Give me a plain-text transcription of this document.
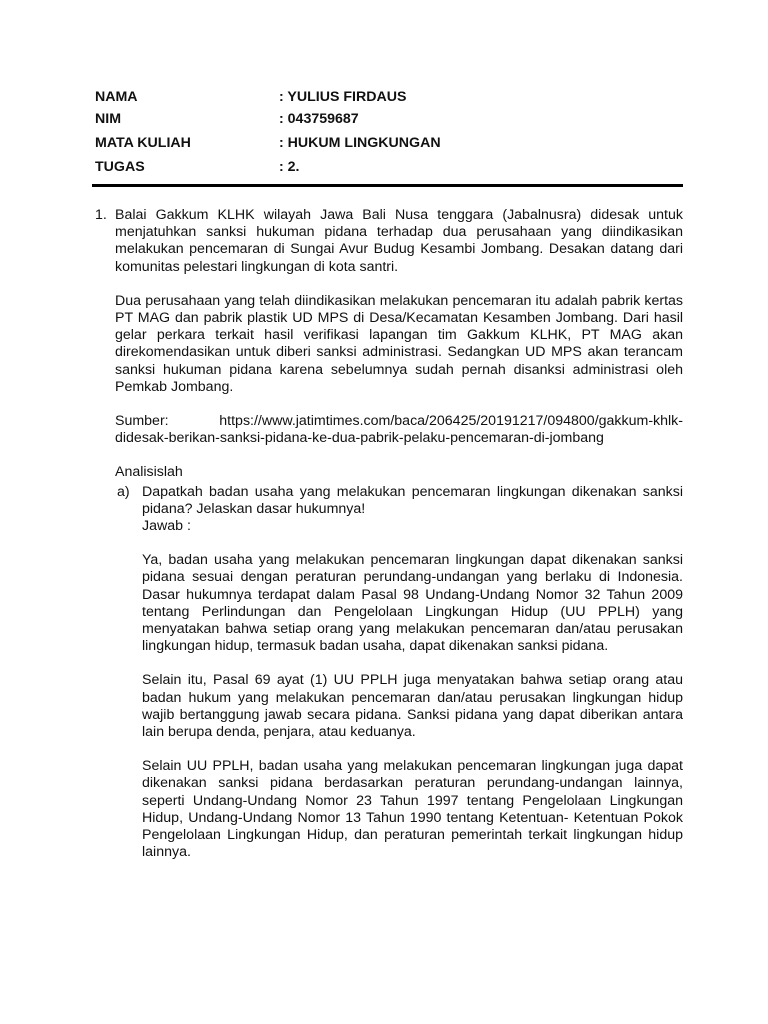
NAMA	: YULIUS FIRDAUS
NIM	: 043759687
MATA KULIAH	: HUKUM LINGKUNGAN
TUGAS	: 2.
1. Balai Gakkum KLHK wilayah Jawa Bali Nusa tenggara (Jabalnusra) didesak untuk menjatuhkan sanksi hukuman pidana terhadap dua perusahaan yang diindikasikan melakukan pencemaran di Sungai Avur Budug Kesambi Jombang. Desakan datang dari komunitas pelestari lingkungan di kota santri.

Dua perusahaan yang telah diindikasikan melakukan pencemaran itu adalah pabrik kertas PT MAG dan pabrik plastik UD MPS di Desa/Kecamatan Kesamben Jombang. Dari hasil gelar perkara terkait hasil verifikasi lapangan tim Gakkum KLHK, PT MAG akan direkomendasikan untuk diberi sanksi administrasi. Sedangkan UD MPS akan terancam sanksi hukuman pidana karena sebelumnya sudah pernah disanksi administrasi oleh Pemkab Jombang.

Sumber:	https://www.jatimtimes.com/baca/206425/20191217/094800/gakkum-khlk-didesak-berikan-sanksi-pidana-ke-dua-pabrik-pelaku-pencemaran-di-jombang

Analisislah
a) Dapatkah badan usaha yang melakukan pencemaran lingkungan dikenakan sanksi pidana? Jelaskan dasar hukumnya!
Jawab :

Ya, badan usaha yang melakukan pencemaran lingkungan dapat dikenakan sanksi pidana sesuai dengan peraturan perundang-undangan yang berlaku di Indonesia. Dasar hukumnya terdapat dalam Pasal 98 Undang-Undang Nomor 32 Tahun 2009 tentang Perlindungan dan Pengelolaan Lingkungan Hidup (UU PPLH) yang menyatakan bahwa setiap orang yang melakukan pencemaran dan/atau perusakan lingkungan hidup, termasuk badan usaha, dapat dikenakan sanksi pidana.

Selain itu, Pasal 69 ayat (1) UU PPLH juga menyatakan bahwa setiap orang atau badan hukum yang melakukan pencemaran dan/atau perusakan lingkungan hidup wajib bertanggung jawab secara pidana. Sanksi pidana yang dapat diberikan antara lain berupa denda, penjara, atau keduanya.

Selain UU PPLH, badan usaha yang melakukan pencemaran lingkungan juga dapat dikenakan sanksi pidana berdasarkan peraturan perundang-undangan lainnya, seperti Undang-Undang Nomor 23 Tahun 1997 tentang Pengelolaan Lingkungan Hidup, Undang-Undang Nomor 13 Tahun 1990 tentang Ketentuan- Ketentuan Pokok Pengelolaan Lingkungan Hidup, dan peraturan pemerintah terkait lingkungan hidup lainnya.
